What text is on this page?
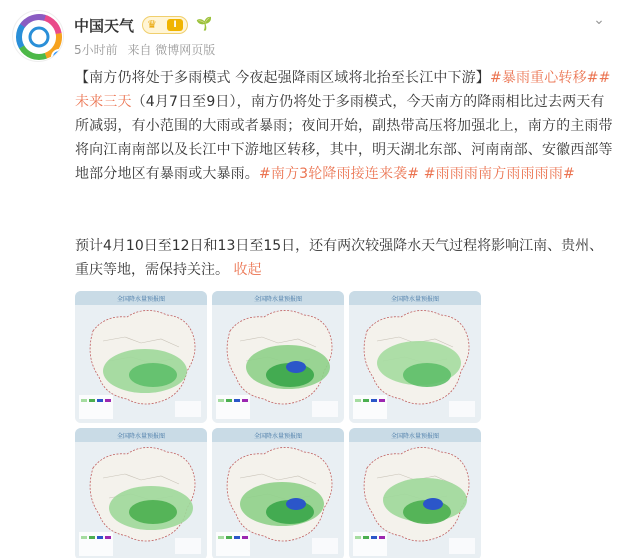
✓
中国天气 ♛	I	🌱
5小时前 来自 微博网页版
⌄
【南方仍将处于多雨模式 今夜起强降雨区域将北抬至长江中下游】#暴雨重心转移##未来三天（4月7日至9日），南方仍将处于多雨模式，今天南方的降雨相比过去两天有所减弱，有小范围的大雨或者暴雨；夜间开始，副热带高压将加强北上，南方的主雨带将向江南南部以及长江中下游地区转移，其中，明天湖北东部、河南南部、安徽西部等地部分地区有暴雨或大暴雨。#南方3轮降雨接连来袭# #雨雨雨南方雨雨雨雨#
预计4月10日至12日和13日至15日，还有两次较强降水天气过程将影响江南、贵州、重庆等地，需保持关注。 收起
全国降水量预报图	全国降水量预报图	全国降水量预报图
全国降水量预报图	全国降水量预报图	全国降水量预报图
